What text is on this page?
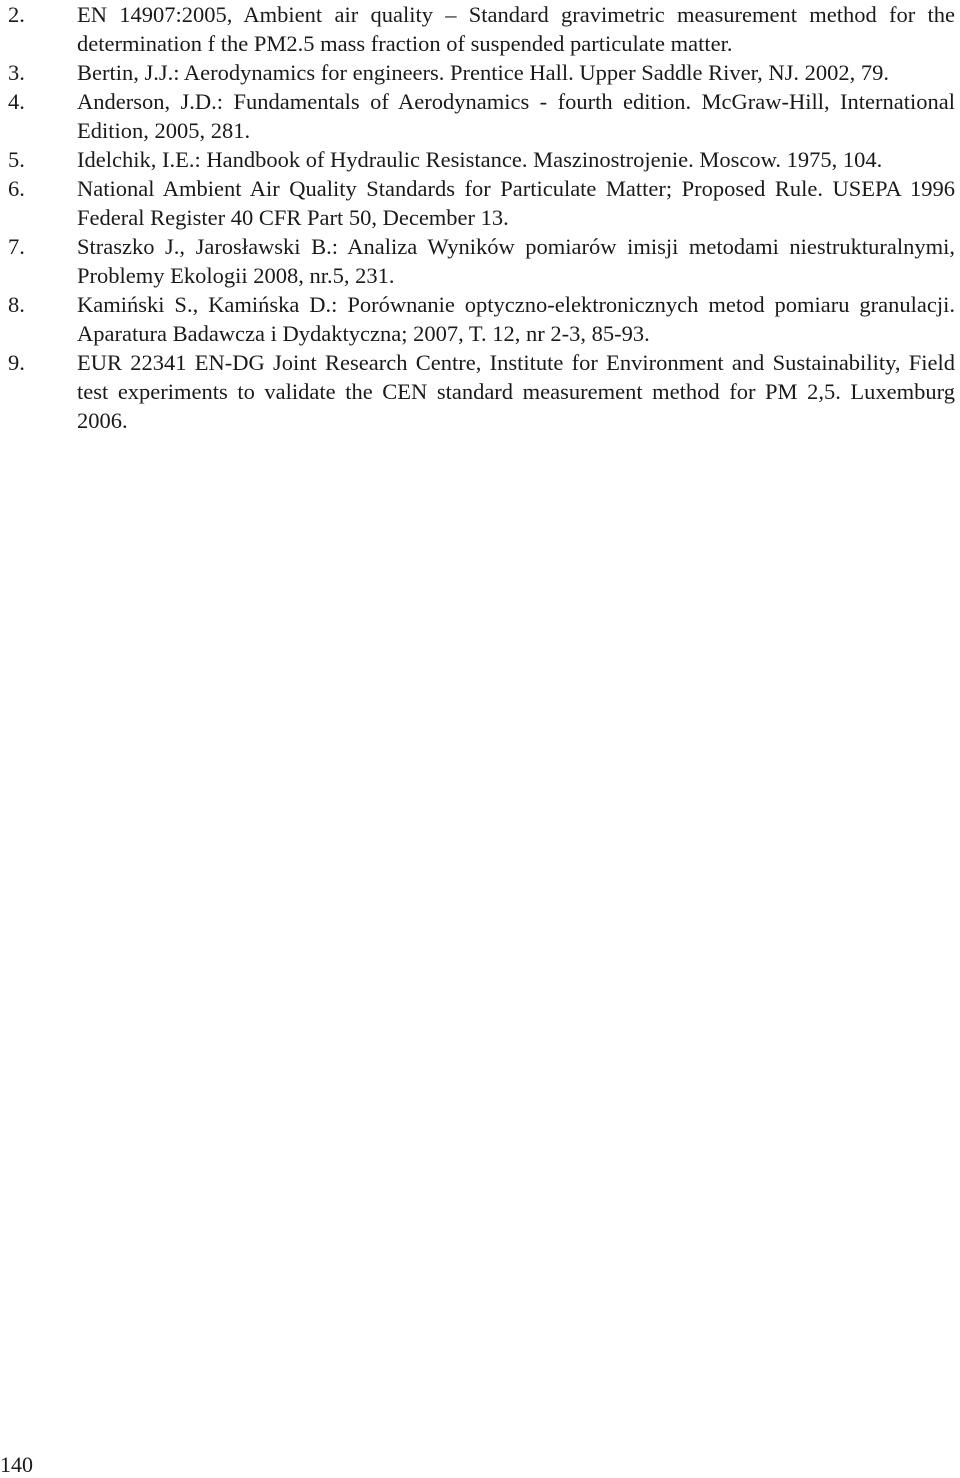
2.	EN 14907:2005, Ambient air quality – Standard gravimetric measurement method for the determination f the PM2.5 mass fraction of suspended particulate matter.
3.	Bertin, J.J.: Aerodynamics for engineers. Prentice Hall. Upper Saddle River, NJ. 2002, 79.
4.	Anderson, J.D.: Fundamentals of Aerodynamics - fourth edition. McGraw-Hill, International Edition, 2005, 281.
5.	Idelchik, I.E.: Handbook of Hydraulic Resistance. Maszinostrojenie. Moscow. 1975, 104.
6.	National Ambient Air Quality Standards for Particulate Matter; Proposed Rule. USEPA 1996 Federal Register 40 CFR Part 50, December 13.
7.	Straszko J., Jarosławski B.: Analiza Wyników pomiarów imisji metodami niestrukturalnymi, Problemy Ekologii 2008, nr.5, 231.
8.	Kamiński S., Kamińska D.: Porównanie optyczno-elektronicznych metod pomiaru granulacji. Aparatura Badawcza i Dydaktyczna; 2007, T. 12, nr 2-3, 85-93.
9.	EUR 22341 EN-DG Joint Research Centre, Institute for Environment and Sustainability, Field test experiments to validate the CEN standard measurement method for PM 2,5. Luxemburg 2006.
140
